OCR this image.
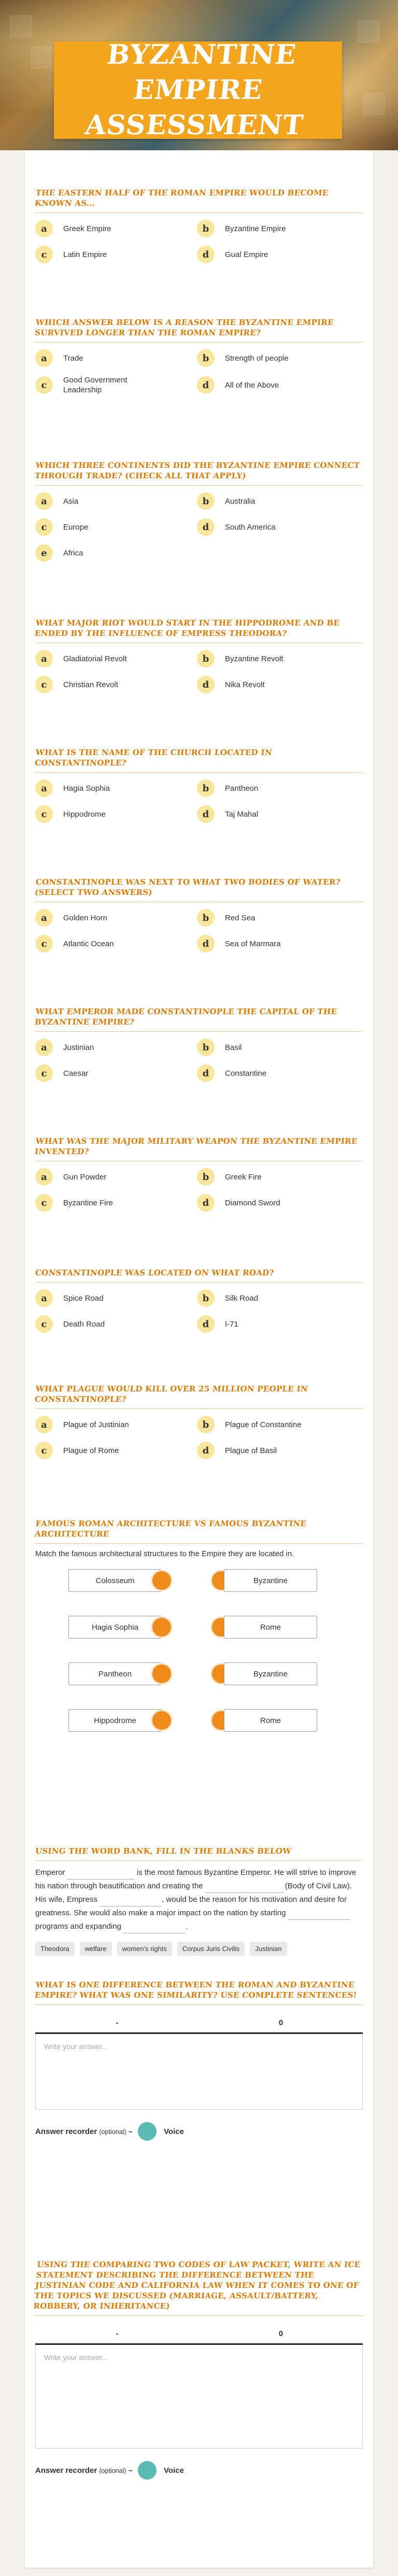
BYZANTINE EMPIRE ASSESSMENT
THE EASTERN HALF OF THE ROMAN EMPIRE WOULD BECOME KNOWN AS...
a	Greek Empire	b	Byzantine Empire
c	Latin Empire	d	Gual Empire
WHICH ANSWER BELOW IS A REASON THE BYZANTINE EMPIRE SURVIVED LONGER THAN THE ROMAN EMPIRE?
a	Trade	b	Strength of people
c	Good Government Leadership	d	All of the Above
WHICH THREE CONTINENTS DID THE BYZANTINE EMPIRE CONNECT THROUGH TRADE? (CHECK ALL THAT APPLY)
a	Asia	b	Australia
c	Europe	d	South America
e	Africa
WHAT MAJOR RIOT WOULD START IN THE HIPPODROME AND BE ENDED BY THE INFLUENCE OF EMPRESS THEODORA?
a	Gladiatorial Revolt	b	Byzantine Revolt
c	Christian Revolt	d	Nika Revolt
WHAT IS THE NAME OF THE CHURCH LOCATED IN CONSTANTINOPLE?
a	Hagia Sophia	b	Pantheon
c	Hippodrome	d	Taj Mahal
CONSTANTINOPLE WAS NEXT TO WHAT TWO BODIES OF WATER? (SELECT TWO ANSWERS)
a	Golden Horn	b	Red Sea
c	Atlantic Ocean	d	Sea of Marmara
WHAT EMPEROR MADE CONSTANTINOPLE THE CAPITAL OF THE BYZANTINE EMPIRE?
a	Justinian	b	Basil
c	Caesar	d	Constantine
WHAT WAS THE MAJOR MILITARY WEAPON THE BYZANTINE EMPIRE INVENTED?
a	Gun Powder	b	Greek Fire
c	Byzantine Fire	d	Diamond Sword
CONSTANTINOPLE WAS LOCATED ON WHAT ROAD?
a	Spice Road	b	Silk Road
c	Death Road	d	I-71
WHAT PLAGUE WOULD KILL OVER 25 MILLION PEOPLE IN CONSTANTINOPLE?
a	Plague of Justinian	b	Plague of Constantine
c	Plague of Rome	d	Plague of Basil
FAMOUS ROMAN ARCHITECTURE VS FAMOUS BYZANTINE ARCHITECTURE
Match the famous architectural structures to the Empire they are located in.
Colosseum	Byzantine
Hagia Sophia	Rome
Pantheon	Byzantine
Hippodrome	Rome
USING THE WORD BANK, FILL IN THE BLANKS BELOW
Emperor	is the most famous Byzantine Emperor. He will strive to improve his nation through beautification and creating the	(Body of Civil Law). His wife, Empress	, would be the reason for his motivation and desire for greatness. She would also make a major impact on the nation by starting  programs and expanding	.
Theodora	welfare	women's rights	Corpus Juris Civilis	Justinian
WHAT IS ONE DIFFERENCE BETWEEN THE ROMAN AND BYZANTINE EMPIRE? WHAT WAS ONE SIMILARITY? USE COMPLETE SENTENCES!
-	0
Write your answer...
Answer recorder (optional) –	Voice
USING THE COMPARING TWO CODES OF LAW PACKET, WRITE AN ICE STATEMENT DESCRIBING THE DIFFERENCE BETWEEN THE JUSTINIAN CODE AND CALIFORNIA LAW WHEN IT COMES TO ONE OF THE TOPICS WE DISCUSSED (MARRIAGE, ASSAULT/BATTERY, ROBBERY, OR INHERITANCE)
-	0
Write your answer...
Answer recorder (optional) –	Voice
